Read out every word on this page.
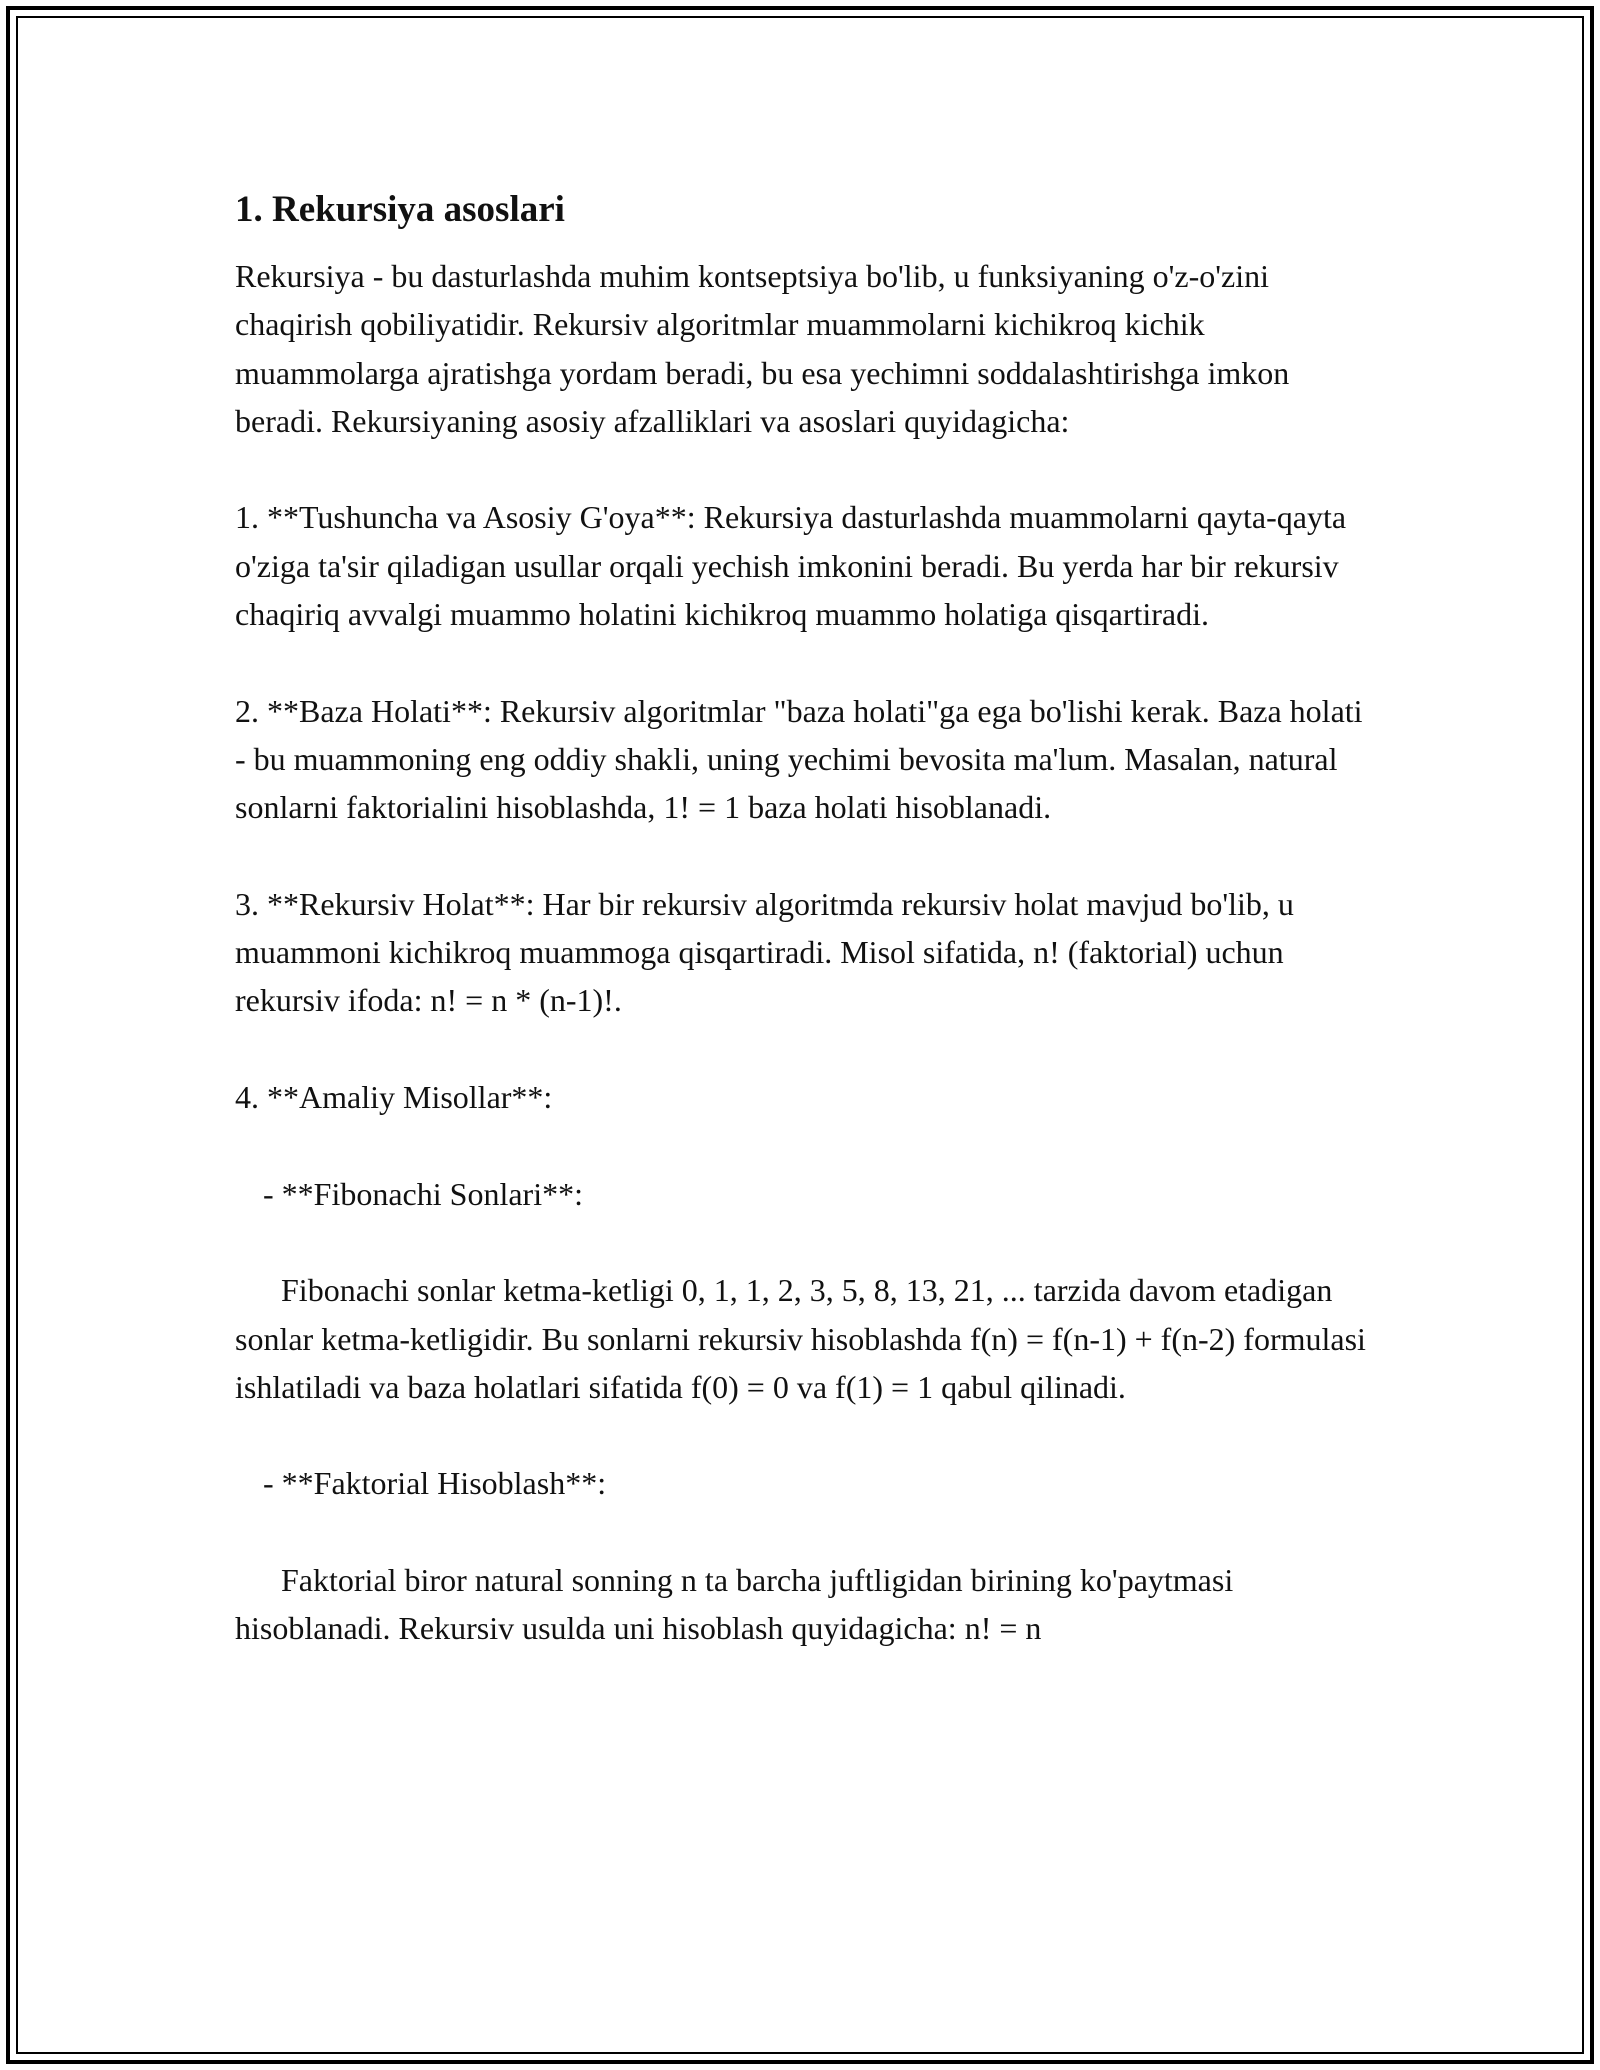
1. Rekursiya asoslari

Rekursiya - bu dasturlashda muhim kontseptsiya bo'lib, u funksiyaning o'z-o'zini chaqirish qobiliyatidir. Rekursiv algoritmlar muammolarni kichikroq kichik muammolarga ajratishga yordam beradi, bu esa yechimni soddalashtirishga imkon beradi. Rekursiyaning asosiy afzalliklari va asoslari quyidagicha:

1. **Tushuncha va Asosiy G'oya**: Rekursiya dasturlashda muammolarni qayta-qayta o'ziga ta'sir qiladigan usullar orqali yechish imkonini beradi. Bu yerda har bir rekursiv chaqiriq avvalgi muammo holatini kichikroq muammo holatiga qisqartiradi.

2. **Baza Holati**: Rekursiv algoritmlar "baza holati"ga ega bo'lishi kerak. Baza holati - bu muammoning eng oddiy shakli, uning yechimi bevosita ma'lum. Masalan, natural sonlarni faktorialini hisoblashda, 1! = 1 baza holati hisoblanadi.

3. **Rekursiv Holat**: Har bir rekursiv algoritmda rekursiv holat mavjud bo'lib, u muammoni kichikroq muammoga qisqartiradi. Misol sifatida, n! (faktorial) uchun rekursiv ifoda: n! = n * (n-1)!.

4. **Amaliy Misollar**:

- **Fibonachi Sonlari**:

Fibonachi sonlar ketma-ketligi 0, 1, 1, 2, 3, 5, 8, 13, 21, ... tarzida davom etadigan sonlar ketma-ketligidir. Bu sonlarni rekursiv hisoblashda f(n) = f(n-1) + f(n-2) formulasi ishlatiladi va baza holatlari sifatida f(0) = 0 va f(1) = 1 qabul qilinadi.

- **Faktorial Hisoblash**:

Faktorial biror natural sonning n ta barcha juftligidan birining ko'paytmasi hisoblanadi. Rekursiv usulda uni hisoblash quyidagicha: n! = n
